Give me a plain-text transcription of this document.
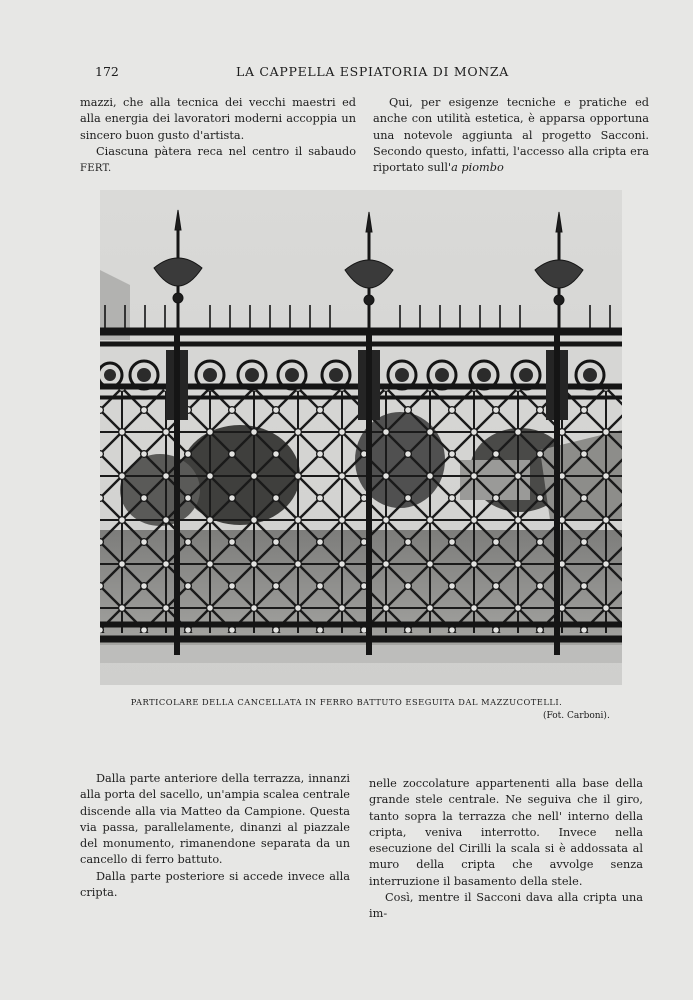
172	LA CAPPELLA ESPIATORIA DI MONZA

mazzi, che alla tecnica dei vecchi maestri ed alla energia dei lavoratori moderni accoppia un sincero buon gusto d'artista.

Ciascuna pàtera reca nel centro il sabaudo FERT.

Qui, per esigenze tecniche e pratiche ed anche con utilità estetica, è apparsa opportuna una notevole aggiunta al progetto Sacconi. Secondo questo, infatti, l'accesso alla cripta era riportato sull'a piombo

PARTICOLARE DELLA CANCELLATA IN FERRO BATTUTO ESEGUITA DAL MAZZUCOTELLI.
(Fot. Carboni).

Dalla parte anteriore della terrazza, innanzi alla porta del sacello, un'ampia scalea centrale discende alla via Matteo da Campione. Questa via passa, parallelamente, dinanzi al piazzale del monumento, rimanendone separata da un cancello di ferro battuto.

Dalla parte posteriore si accede invece alla cripta.

nelle zoccolature appartenenti alla base della grande stele centrale. Ne seguiva che il giro, tanto sopra la terrazza che nell' interno della cripta, veniva interrotto. Invece nella esecuzione del Cirilli la scala si è addossata al muro della cripta che avvolge senza interruzione il basamento della stele.

Così, mentre il Sacconi dava alla cripta una im-
